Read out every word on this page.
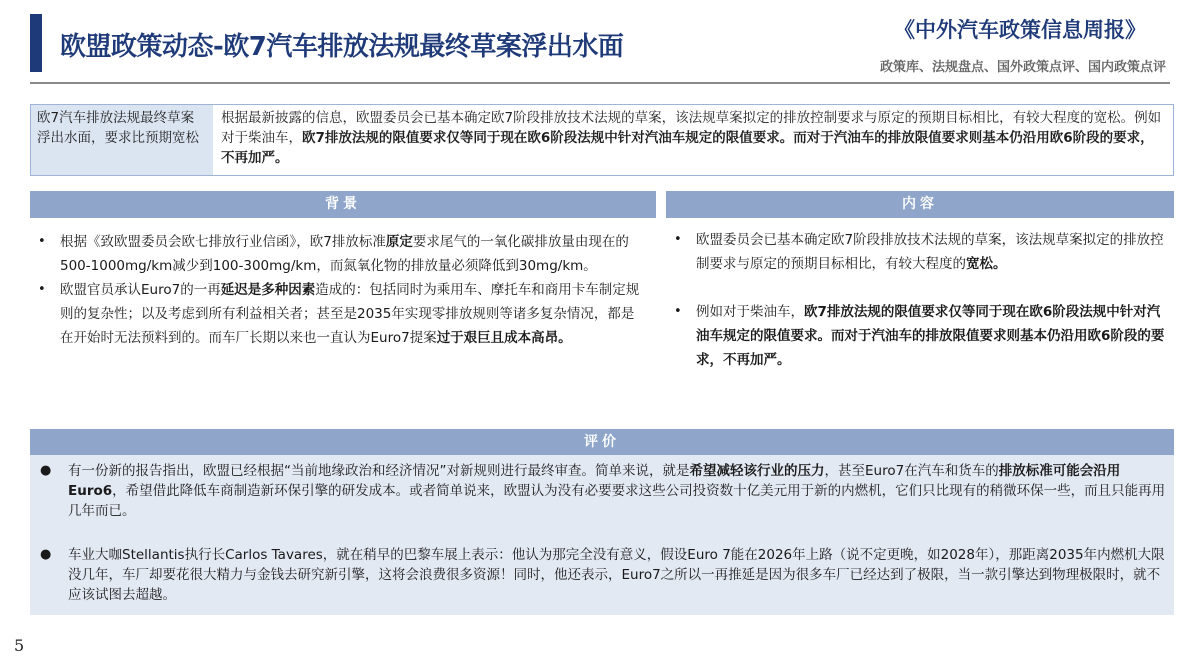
欧盟政策动态-欧7汽车排放法规最终草案浮出水面
《中外汽车政策信息周报》
政策库、法规盘点、国外政策点评、国内政策点评
欧7汽车排放法规最终草案浮出水面，要求比预期宽松
根据最新披露的信息，欧盟委员会已基本确定欧7阶段排放技术法规的草案，该法规草案拟定的排放控制要求与原定的预期目标相比，有较大程度的宽松。例如对于柴油车，欧7排放法规的限值要求仅等同于现在欧6阶段法规中针对汽油车规定的限值要求。而对于汽油车的排放限值要求则基本仍沿用欧6阶段的要求，不再加严。
背景	内容
• 根据《致欧盟委员会欧七排放行业信函》，欧7排放标准原定要求尾气的一氧化碳排放量由现在的500-1000mg/km减少到100-300mg/km，而氮氧化物的排放量必须降低到30mg/km。
• 欧盟官员承认Euro7的一再延迟是多种因素造成的：包括同时为乘用车、摩托车和商用卡车制定规则的复杂性；以及考虑到所有利益相关者；甚至是2035年实现零排放规则等诸多复杂情况，都是在开始时无法预料到的。而车厂长期以来也一直认为Euro7提案过于艰巨且成本高昂。
• 欧盟委员会已基本确定欧7阶段排放技术法规的草案，该法规草案拟定的排放控制要求与原定的预期目标相比，有较大程度的宽松。
• 例如对于柴油车，欧7排放法规的限值要求仅等同于现在欧6阶段法规中针对汽油车规定的限值要求。而对于汽油车的排放限值要求则基本仍沿用欧6阶段的要求，不再加严。
评价
● 有一份新的报告指出，欧盟已经根据“当前地缘政治和经济情况”对新规则进行最终审查。简单来说，就是希望减轻该行业的压力，甚至Euro7在汽车和货车的排放标准可能会沿用Euro6，希望借此降低车商制造新环保引擎的研发成本。或者简单说来，欧盟认为没有必要要求这些公司投资数十亿美元用于新的内燃机，它们只比现有的稍微环保一些，而且只能再用几年而已。
● 车业大咖Stellantis执行长Carlos Tavares，就在稍早的巴黎车展上表示：他认为那完全没有意义，假设Euro 7能在2026年上路（说不定更晚，如2028年），那距离2035年内燃机大限没几年，车厂却要花很大精力与金钱去研究新引擎，这将会浪费很多资源！同时，他还表示，Euro7之所以一再推延是因为很多车厂已经达到了极限，当一款引擎达到物理极限时，就不应该试图去超越。
5
